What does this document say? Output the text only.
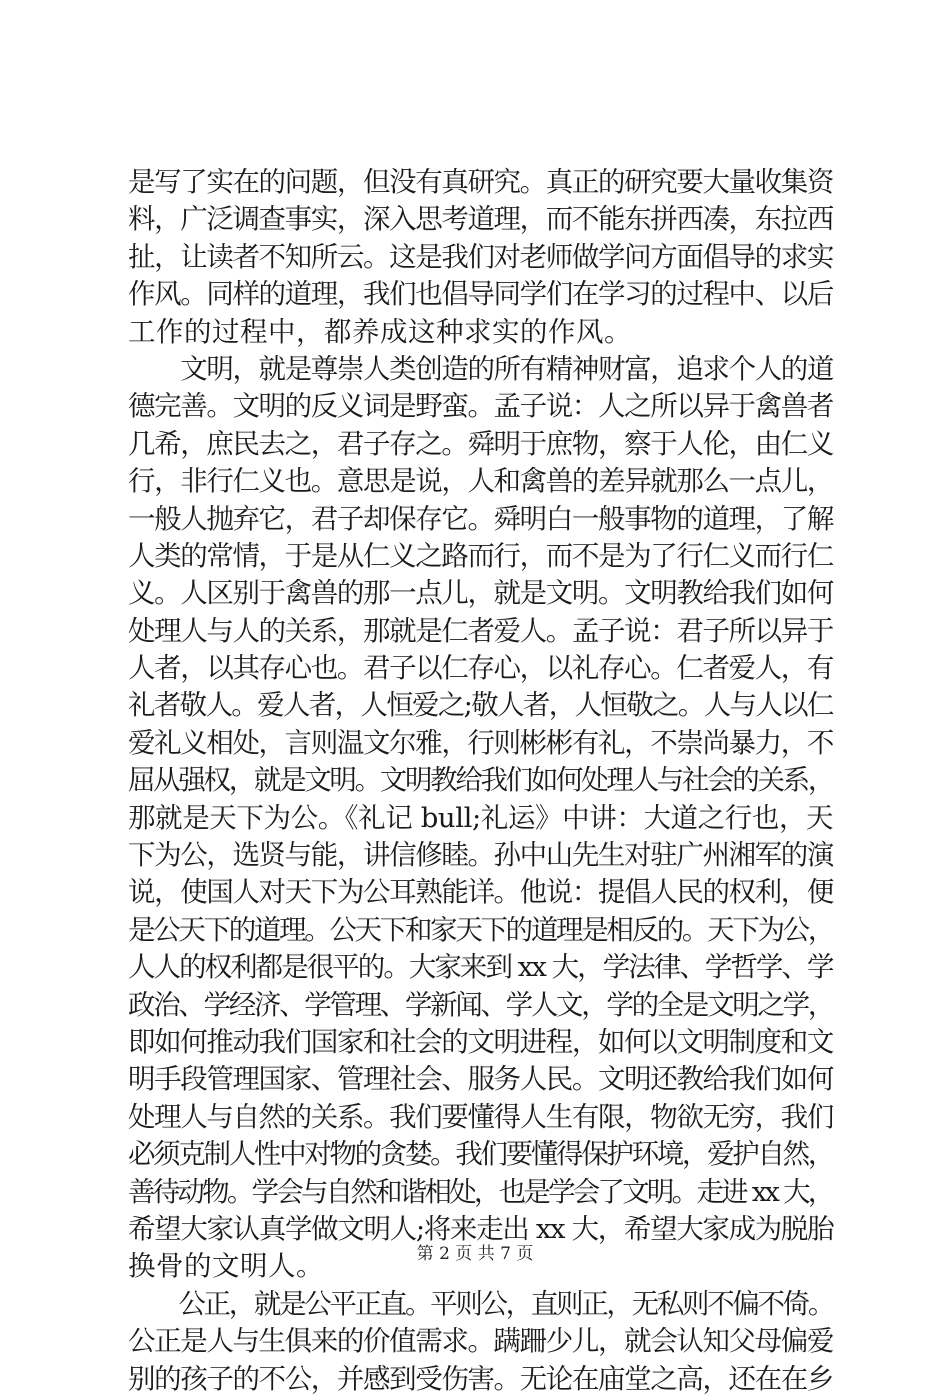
是写了实在的问题，但没有真研究。真正的研究要大量收集资
料，广泛调查事实，深入思考道理，而不能东拼西凑，东拉西
扯，让读者不知所云。这是我们对老师做学问方面倡导的求实
作风。同样的道理，我们也倡导同学们在学习的过程中、以后
工作的过程中，都养成这种求实的作风。
　　文明，就是尊崇人类创造的所有精神财富，追求个人的道
德完善。文明的反义词是野蛮。孟子说：人之所以异于禽兽者
几希，庶民去之，君子存之。舜明于庶物，察于人伦，由仁义
行，非行仁义也。意思是说，人和禽兽的差异就那么一点儿，
一般人抛弃它，君子却保存它。舜明白一般事物的道理，了解
人类的常情，于是从仁义之路而行，而不是为了行仁义而行仁
义。人区别于禽兽的那一点儿，就是文明。文明教给我们如何
处理人与人的关系，那就是仁者爱人。孟子说：君子所以异于
人者，以其存心也。君子以仁存心，以礼存心。仁者爱人，有
礼者敬人。爱人者，人恒爱之;敬人者，人恒敬之。人与人以仁
爱礼义相处，言则温文尔雅，行则彬彬有礼，不崇尚暴力，不
屈从强权，就是文明。文明教给我们如何处理人与社会的关系，
那就是天下为公。《礼记 bull;礼运》中讲：大道之行也，天
下为公，选贤与能，讲信修睦。孙中山先生对驻广州湘军的演
说，使国人对天下为公耳熟能详。他说：提倡人民的权利，便
是公天下的道理。公天下和家天下的道理是相反的。天下为公，
人人的权利都是很平的。大家来到 xx 大，学法律、学哲学、学
政治、学经济、学管理、学新闻、学人文，学的全是文明之学，
即如何推动我们国家和社会的文明进程，如何以文明制度和文
明手段管理国家、管理社会、服务人民。文明还教给我们如何
处理人与自然的关系。我们要懂得人生有限，物欲无穷，我们
必须克制人性中对物的贪婪。我们要懂得保护环境，爱护自然，
善待动物。学会与自然和谐相处，也是学会了文明。走进 xx 大，
希望大家认真学做文明人;将来走出 xx 大，希望大家成为脱胎
换骨的文明人。
　　公正，就是公平正直。平则公，直则正，无私则不偏不倚。
公正是人与生俱来的价值需求。蹒跚少儿，就会认知父母偏爱
别的孩子的不公，并感到受伤害。无论在庙堂之高，还在在乡
第 2 页 共 7 页
